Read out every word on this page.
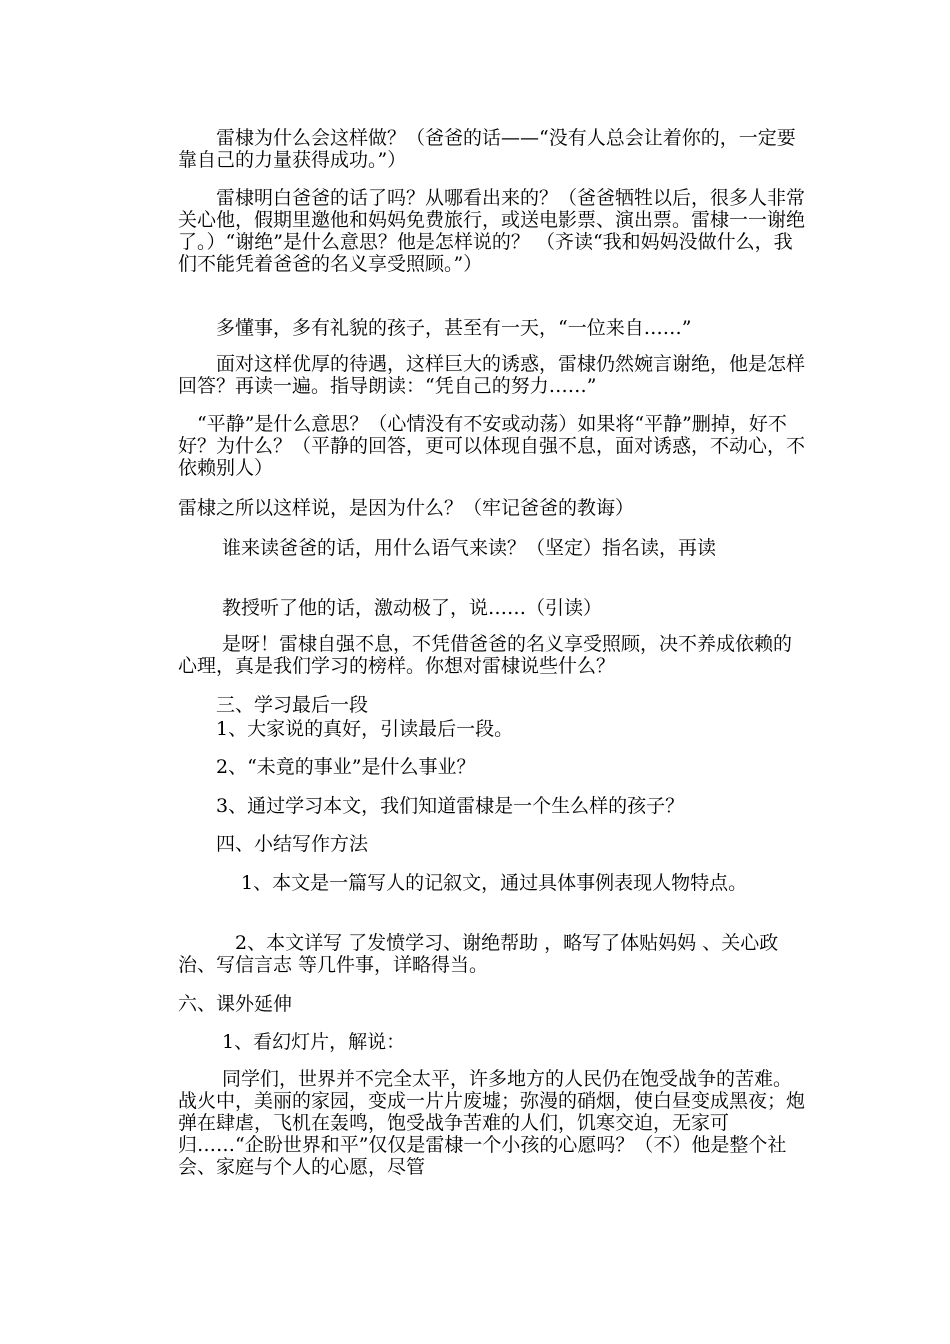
　　雷棣为什么会这样做？（爸爸的话——“没有人总会让着你的，一定要靠自己的力量获得成功。”）

　　雷棣明白爸爸的话了吗？从哪看出来的？（爸爸牺牲以后，很多人非常关心他，假期里邀他和妈妈免费旅行，或送电影票、演出票。雷棣一一谢绝了。）“谢绝”是什么意思？他是怎样说的？ （齐读“我和妈妈没做什么，我们不能凭着爸爸的名义享受照顾。”）

　　多懂事，多有礼貌的孩子，甚至有一天，“一位来自……”

　　面对这样优厚的待遇，这样巨大的诱惑，雷棣仍然婉言谢绝，他是怎样回答？再读一遍。指导朗读：“凭自己的努力……”

　“平静”是什么意思？（心情没有不安或动荡）如果将“平静”删掉，好不好？为什么？（平静的回答，更可以体现自强不息，面对诱惑，不动心，不依赖别人）

雷棣之所以这样说，是因为什么？（牢记爸爸的教诲）

　　 谁来读爸爸的话，用什么语气来读？（坚定）指名读，再读

　　 教授听了他的话，激动极了，说……（引读）

　　 是呀！雷棣自强不息，不凭借爸爸的名义享受照顾，决不养成依赖的心理，真是我们学习的榜样。你想对雷棣说些什么？

　　三、学习最后一段

　　1、大家说的真好，引读最后一段。

　　2、“未竟的事业”是什么事业？

　　3、通过学习本文，我们知道雷棣是一个生么样的孩子？

　　四、小结写作方法

　　　 1、本文是一篇写人的记叙文，通过具体事例表现人物特点。

　　　2、本文详写 了发愤学习、谢绝帮助 ，略写了体贴妈妈 、关心政治、写信言志 等几件事，详略得当。

六、课外延伸

　　 1、看幻灯片，解说：

　　 同学们，世界并不完全太平，许多地方的人民仍在饱受战争的苦难。战火中，美丽的家园，变成一片片废墟；弥漫的硝烟，使白昼变成黑夜；炮弹在肆虐，飞机在轰鸣，饱受战争苦难的人们，饥寒交迫，无家可归……“企盼世界和平”仅仅是雷棣一个小孩的心愿吗？（不）他是整个社会、家庭与个人的心愿，尽管
